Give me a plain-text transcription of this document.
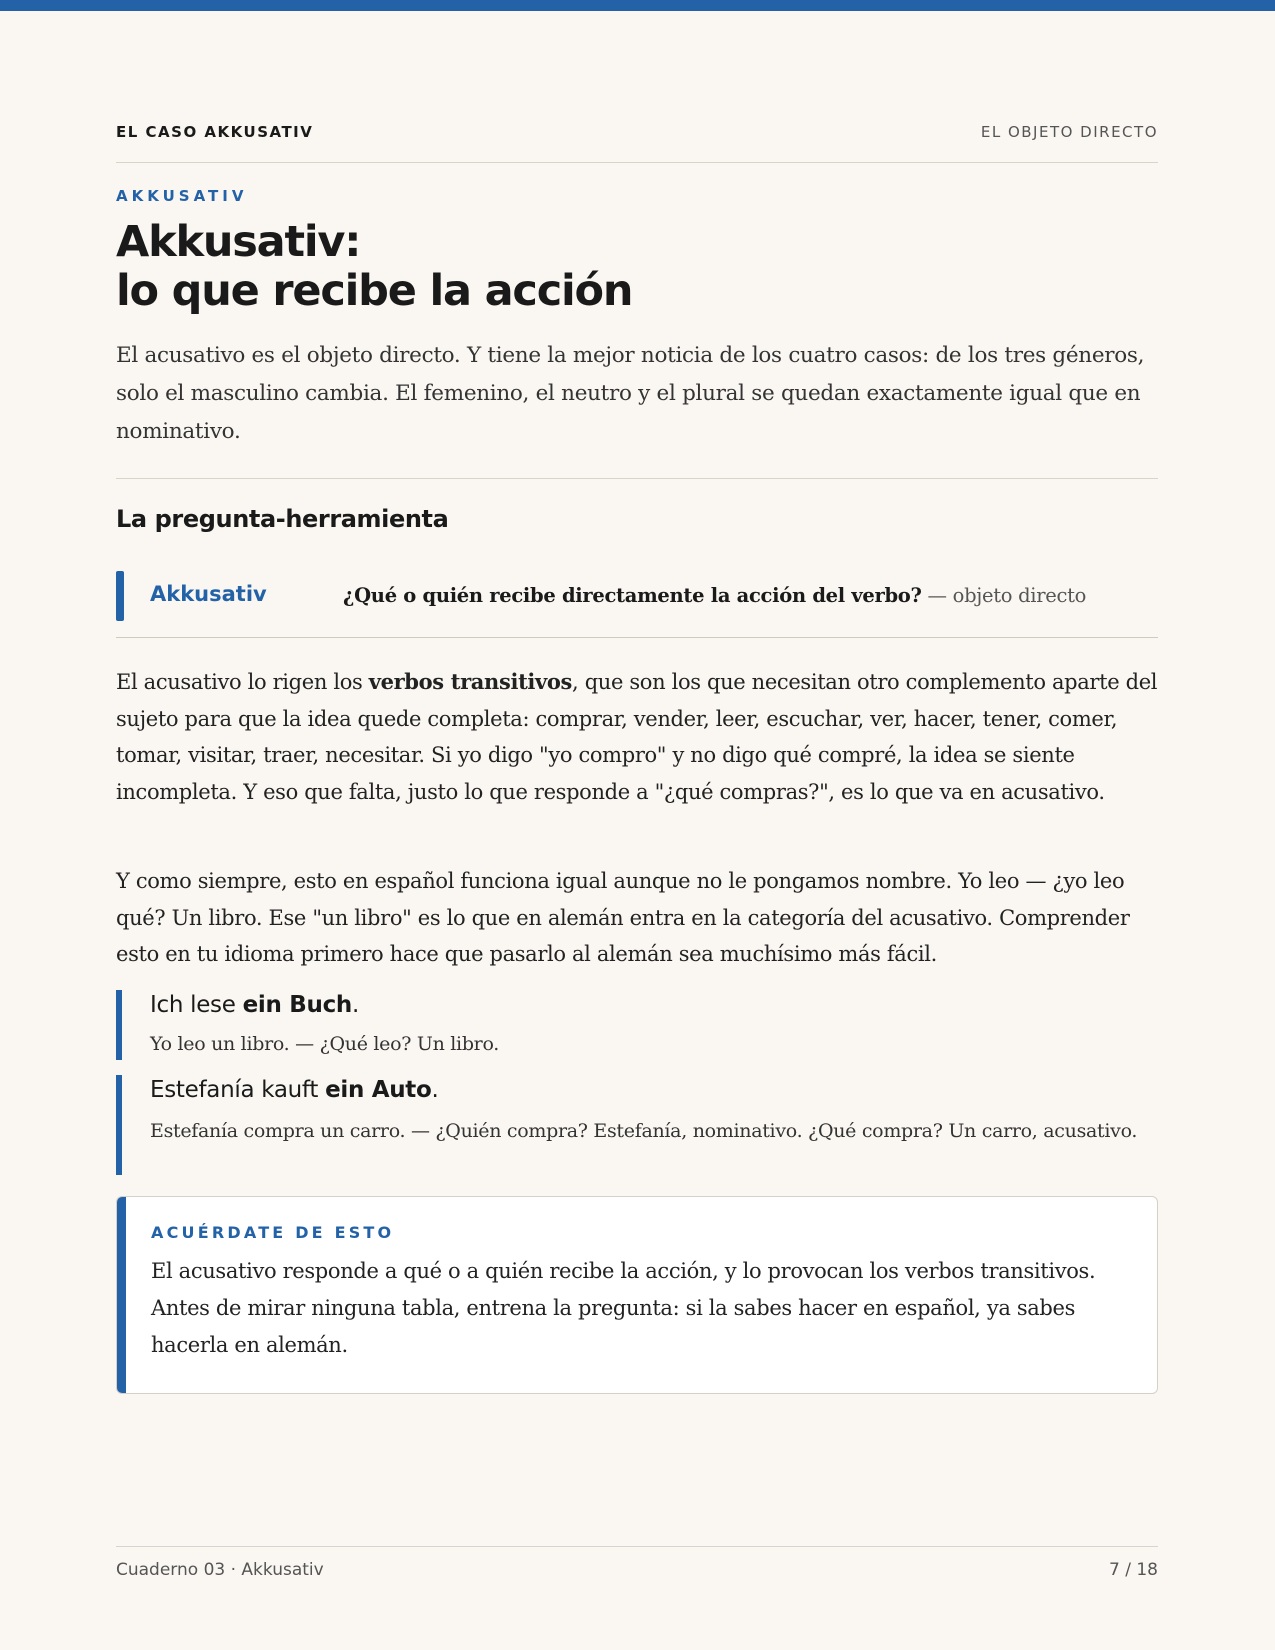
EL CASO AKKUSATIV	EL OBJETO DIRECTO
AKKUSATIV
Akkusativ:
lo que recibe la acción

El acusativo es el objeto directo. Y tiene la mejor noticia de los cuatro casos: de los tres géneros, solo el masculino cambia. El femenino, el neutro y el plural se quedan exactamente igual que en nominativo.

La pregunta-herramienta
Akkusativ	¿Qué o quién recibe directamente la acción del verbo? — objeto directo

El acusativo lo rigen los verbos transitivos, que son los que necesitan otro complemento aparte del sujeto para que la idea quede completa: comprar, vender, leer, escuchar, ver, hacer, tener, comer, tomar, visitar, traer, necesitar. Si yo digo "yo compro" y no digo qué compré, la idea se siente incompleta. Y eso que falta, justo lo que responde a "¿qué compras?", es lo que va en acusativo.

Y como siempre, esto en español funciona igual aunque no le pongamos nombre. Yo leo — ¿yo leo qué? Un libro. Ese "un libro" es lo que en alemán entra en la categoría del acusativo. Comprender esto en tu idioma primero hace que pasarlo al alemán sea muchísimo más fácil.

Ich lese ein Buch.
Yo leo un libro. — ¿Qué leo? Un libro.
Estefanía kauft ein Auto.
Estefanía compra un carro. — ¿Quién compra? Estefanía, nominativo. ¿Qué compra? Un carro, acusativo.
ACUÉRDATE DE ESTO

El acusativo responde a qué o a quién recibe la acción, y lo provocan los verbos transitivos. Antes de mirar ninguna tabla, entrena la pregunta: si la sabes hacer en español, ya sabes hacerla en alemán.

Cuaderno 03 · Akkusativ	7 / 18
